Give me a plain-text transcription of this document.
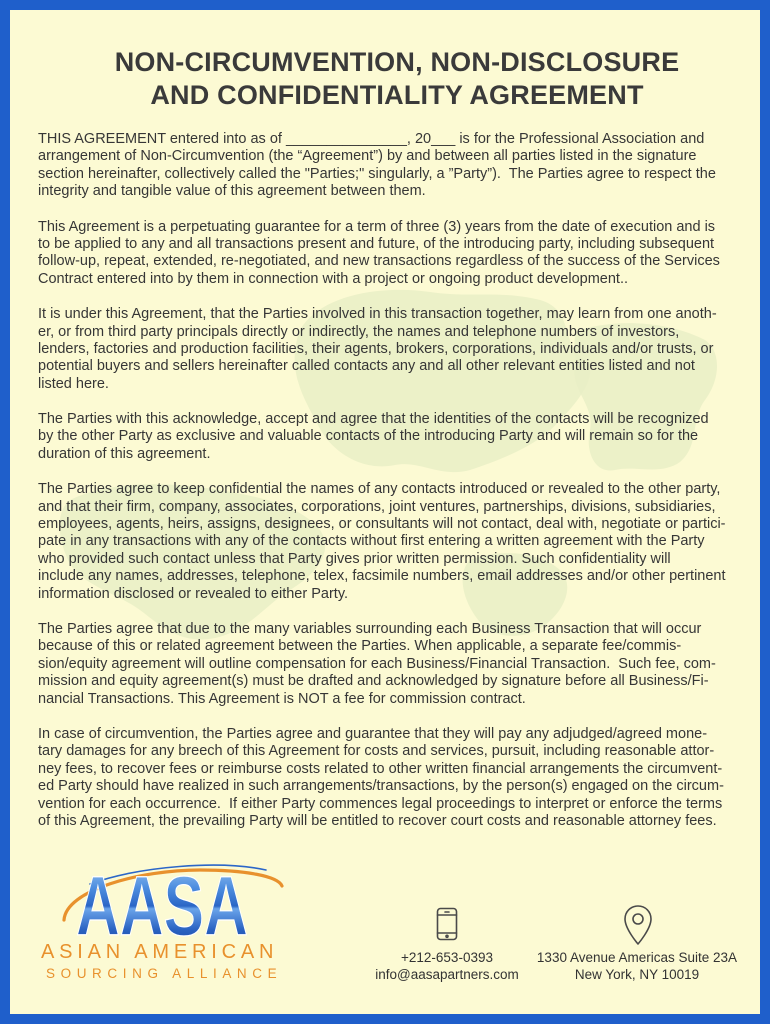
NON-CIRCUMVENTION, NON-DISCLOSURE
AND CONFIDENTIALITY AGREEMENT
THIS AGREEMENT entered into as of _______________, 20___ is for the Professional Association and
arrangement of Non-Circumvention (the “Agreement”) by and between all parties listed in the signature
section hereinafter, collectively called the "Parties;" singularly, a ”Party”).  The Parties agree to respect the
integrity and tangible value of this agreement between them.
This Agreement is a perpetuating guarantee for a term of three (3) years from the date of execution and is
to be applied to any and all transactions present and future, of the introducing party, including subsequent
follow-up, repeat, extended, re-negotiated, and new transactions regardless of the success of the Services
Contract entered into by them in connection with a project or ongoing product development..
It is under this Agreement, that the Parties involved in this transaction together, may learn from one anoth-
er, or from third party principals directly or indirectly, the names and telephone numbers of investors,
lenders, factories and production facilities, their agents, brokers, corporations, individuals and/or trusts, or
potential buyers and sellers hereinafter called contacts any and all other relevant entities listed and not
listed here.
The Parties with this acknowledge, accept and agree that the identities of the contacts will be recognized
by the other Party as exclusive and valuable contacts of the introducing Party and will remain so for the
duration of this agreement.
The Parties agree to keep confidential the names of any contacts introduced or revealed to the other party,
and that their firm, company, associates, corporations, joint ventures, partnerships, divisions, subsidiaries,
employees, agents, heirs, assigns, designees, or consultants will not contact, deal with, negotiate or partici-
pate in any transactions with any of the contacts without first entering a written agreement with the Party
who provided such contact unless that Party gives prior written permission. Such confidentiality will
include any names, addresses, telephone, telex, facsimile numbers, email addresses and/or other pertinent
information disclosed or revealed to either Party.
The Parties agree that due to the many variables surrounding each Business Transaction that will occur
because of this or related agreement between the Parties. When applicable, a separate fee/commis-
sion/equity agreement will outline compensation for each Business/Financial Transaction.  Such fee, com-
mission and equity agreement(s) must be drafted and acknowledged by signature before all Business/Fi-
nancial Transactions. This Agreement is NOT a fee for commission contract.
In case of circumvention, the Parties agree and guarantee that they will pay any adjudged/agreed mone-
tary damages for any breech of this Agreement for costs and services, pursuit, including reasonable attor-
ney fees, to recover fees or reimburse costs related to other written financial arrangements the circumvent-
ed Party should have realized in such arrangements/transactions, by the person(s) engaged on the circum-
vention for each occurrence.  If either Party commences legal proceedings to interpret or enforce the terms
of this Agreement, the prevailing Party will be entitled to recover court costs and reasonable attorney fees.
AASA
ASIAN AMERICAN
SOURCING ALLIANCE
+212-653-0393
info@aasapartners.com
1330 Avenue Americas Suite 23A
New York, NY 10019
